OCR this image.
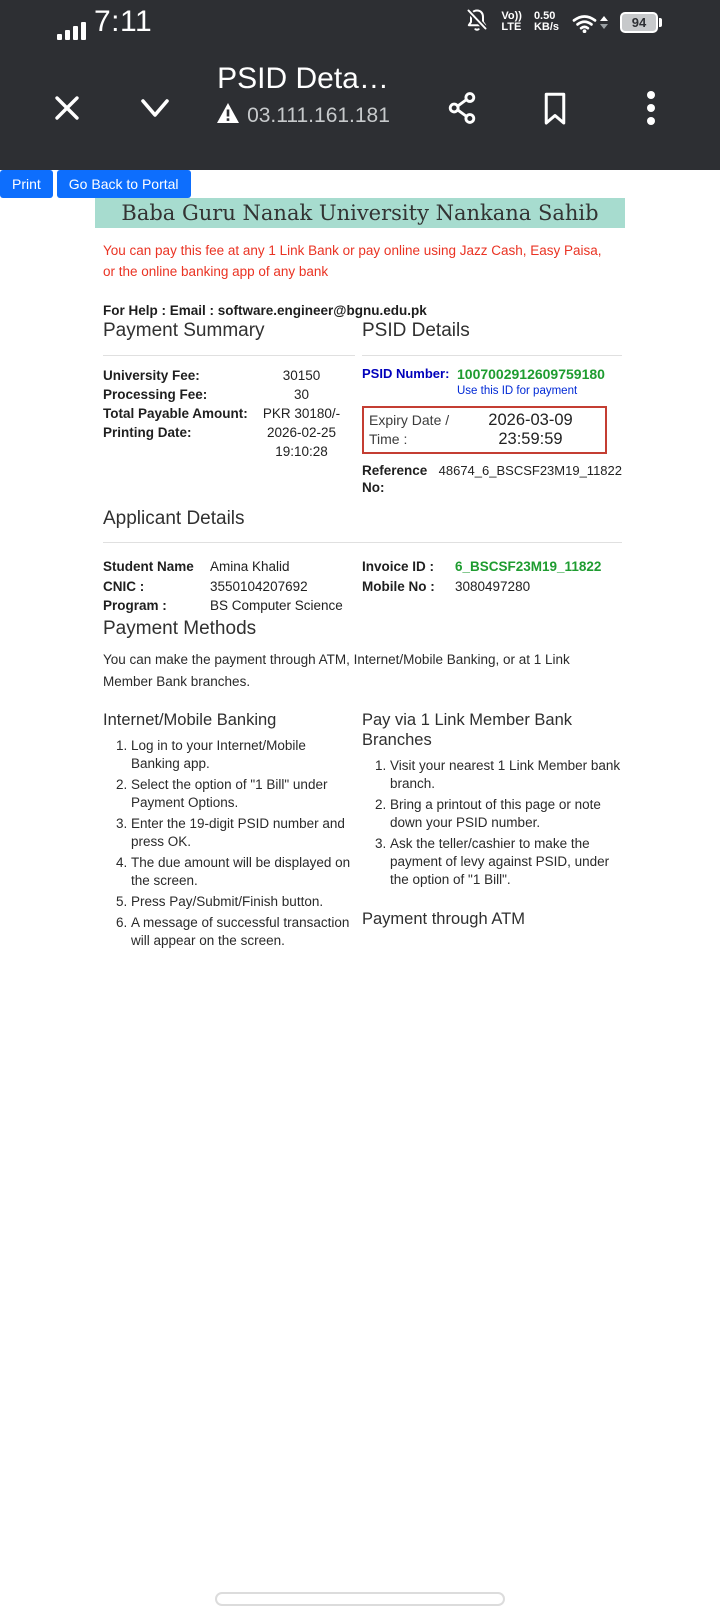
7:11	Vo))
LTE
0.50
KB/s	94
PSID Deta…
03.111.161.181
Print	Go Back to Portal
Baba Guru Nanak University Nankana Sahib
You can pay this fee at any 1 Link Bank or pay online using Jazz Cash, Easy Paisa, or the online banking app of any bank
For Help : Email : software.engineer@bgnu.edu.pk
Payment Summary	PSID Details
University Fee:	30150
Processing Fee:	30
Total Payable Amount:	PKR 30180/-
Printing Date:	2026-02-25 19:10:28
PSID Number: 1007002912609759180
Use this ID for payment
Expiry Date / Time :
2026-03-09 23:59:59
Reference No:
48674_6_BSCSF23M19_11822
Applicant Details
Student Name	Amina Khalid
CNIC :	3550104207692
Program :	BS Computer Science
Invoice ID :	6_BSCSF23M19_11822
Mobile No :	3080497280
Payment Methods
You can make the payment through ATM, Internet/Mobile Banking, or at 1 Link Member Bank branches.
Internet/Mobile Banking
1. Log in to your Internet/Mobile Banking app.
2. Select the option of "1 Bill" under Payment Options.
3. Enter the 19-digit PSID number and press OK.
4. The due amount will be displayed on the screen.
5. Press Pay/Submit/Finish button.
6. A message of successful transaction will appear on the screen.
Pay via 1 Link Member Bank Branches
1. Visit your nearest 1 Link Member bank branch.
2. Bring a printout of this page or note down your PSID number.
3. Ask the teller/cashier to make the payment of levy against PSID, under the option of "1 Bill".
Payment through ATM
